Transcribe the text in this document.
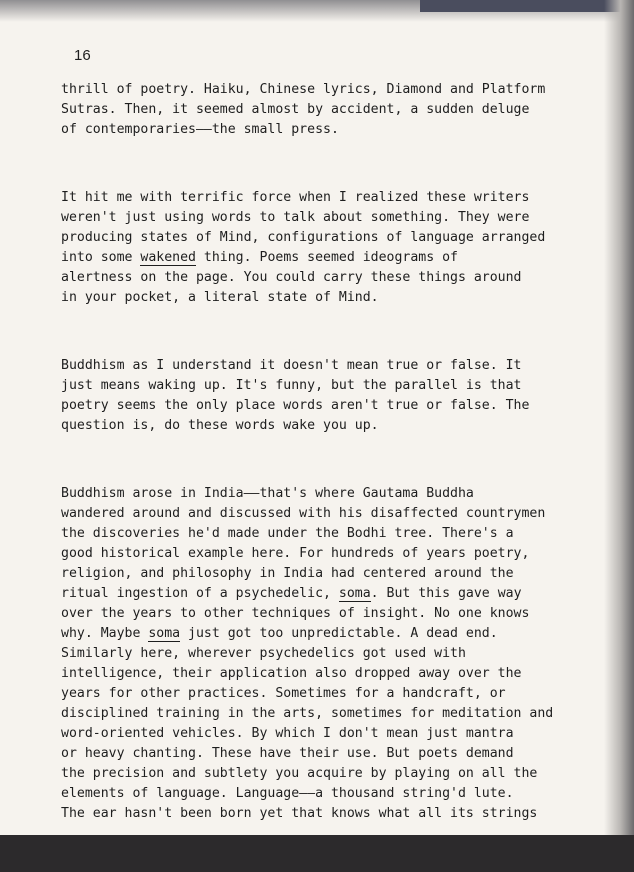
16
thrill of poetry. Haiku, Chinese lyrics, Diamond and Platform
Sutras. Then, it seemed almost by accident, a sudden deluge
of contemporaries——the small press.
It hit me with terrific force when I realized these writers
weren't just using words to talk about something. They were
producing states of Mind, configurations of language arranged
into some wakened thing. Poems seemed ideograms of
alertness on the page. You could carry these things around
in your pocket, a literal state of Mind.
Buddhism as I understand it doesn't mean true or false. It
just means waking up. It's funny, but the parallel is that
poetry seems the only place words aren't true or false. The
question is, do these words wake you up.
Buddhism arose in India——that's where Gautama Buddha
wandered around and discussed with his disaffected countrymen
the discoveries he'd made under the Bodhi tree. There's a
good historical example here. For hundreds of years poetry,
religion, and philosophy in India had centered around the
ritual ingestion of a psychedelic, soma. But this gave way
over the years to other techniques of insight. No one knows
why. Maybe soma just got too unpredictable. A dead end.
Similarly here, wherever psychedelics got used with
intelligence, their application also dropped away over the
years for other practices. Sometimes for a handcraft, or
disciplined training in the arts, sometimes for meditation and
word-oriented vehicles. By which I don't mean just mantra
or heavy chanting. These have their use. But poets demand
the precision and subtlety you acquire by playing on all the
elements of language. Language——a thousand string'd lute.
The ear hasn't been born yet that knows what all its strings
